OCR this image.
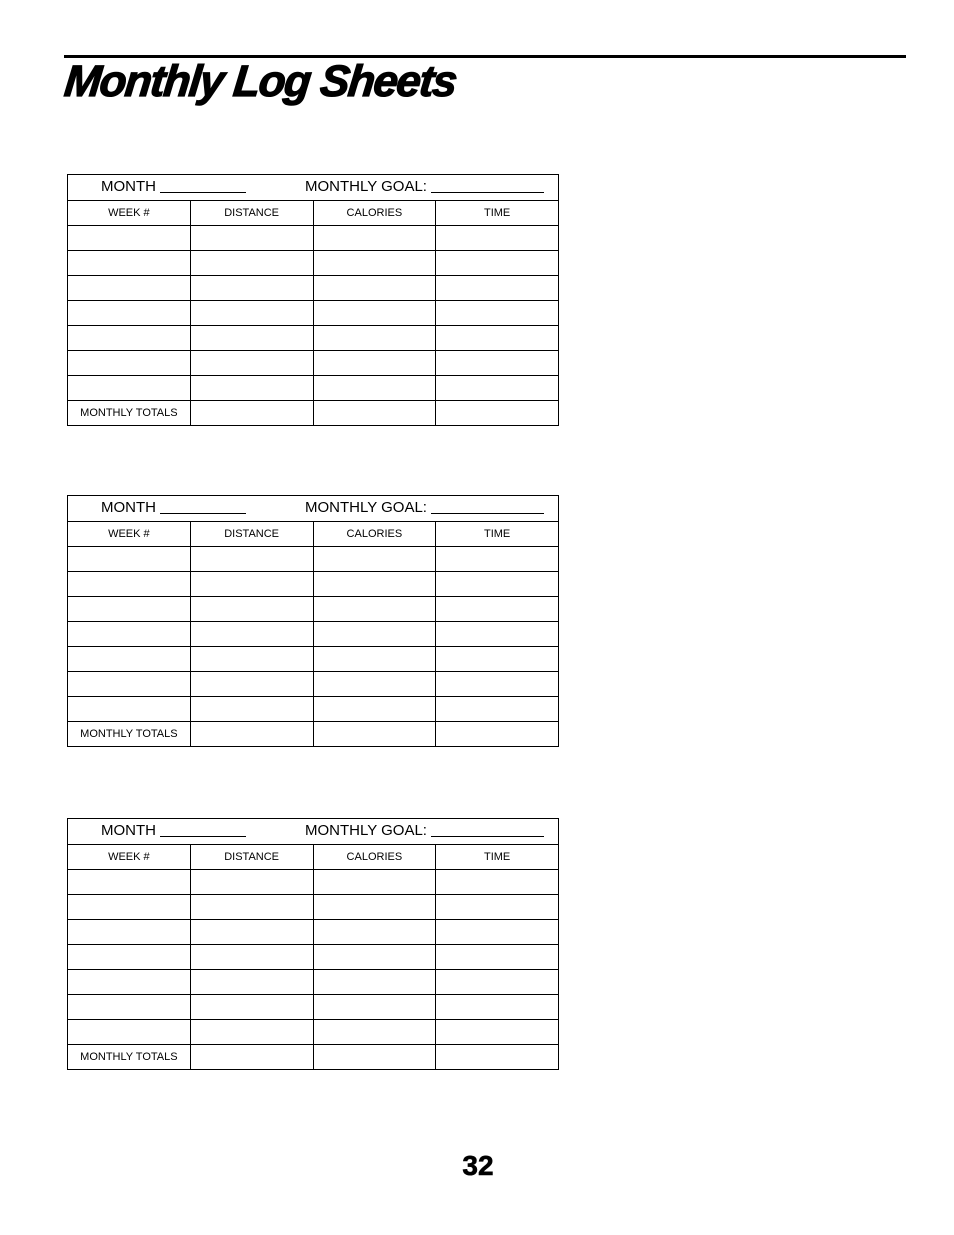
Monthly Log Sheets
MONTH MONTHLY GOAL:			

WEEK #	DISTANCE	CALORIES	TIME

MONTHLY TOTALS			
MONTH MONTHLY GOAL:			

WEEK #	DISTANCE	CALORIES	TIME

MONTHLY TOTALS			
MONTH MONTHLY GOAL:			

WEEK #	DISTANCE	CALORIES	TIME

MONTHLY TOTALS			
32
